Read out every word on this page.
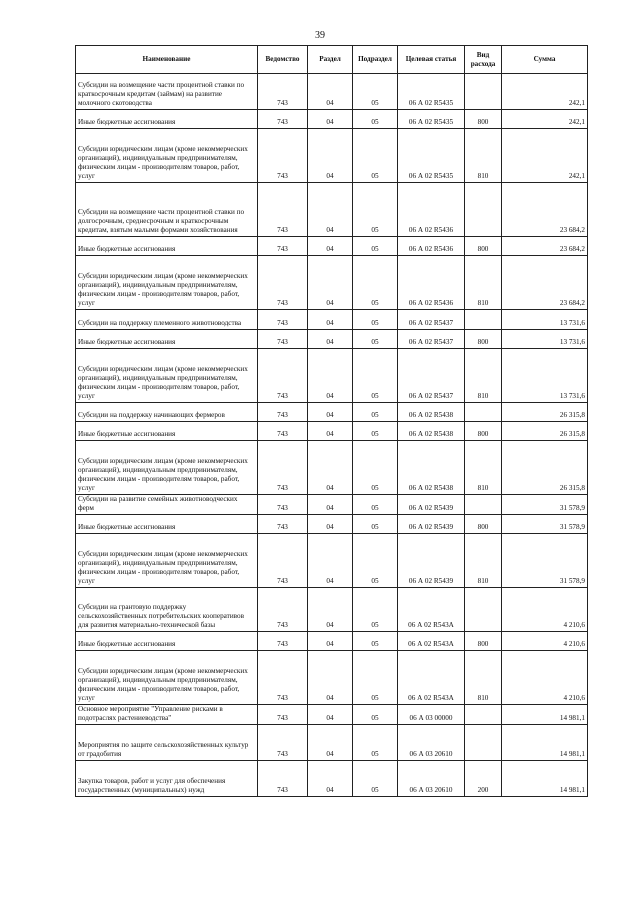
39
Наименование	Ведомство	Раздел	Подраздел	Целевая статья	Вид расхода	Сумма
Субсидии на возмещение части процентной ставки по краткосрочным кредитам (займам) на развитие молочного скотоводства	743	04	05	06 А 02 R5435		242,1
Иные бюджетные ассигнования	743	04	05	06 А 02 R5435	800	242,1
Субсидии юридическим лицам (кроме некоммерческих организаций), индивидуальным предпринимателям, физическим лицам - производителям товаров, работ, услуг	743	04	05	06 А 02 R5435	810	242,1
Субсидии на возмещение части процентной ставки по долгосрочным, среднесрочным и краткосрочным кредитам, взятым малыми формами хозяйствования	743	04	05	06 А 02 R5436		23 684,2
Иные бюджетные ассигнования	743	04	05	06 А 02 R5436	800	23 684,2
Субсидии юридическим лицам (кроме некоммерческих организаций), индивидуальным предпринимателям, физическим лицам - производителям товаров, работ, услуг	743	04	05	06 А 02 R5436	810	23 684,2
Субсидии на поддержку племенного животноводства	743	04	05	06 А 02 R5437		13 731,6
Иные бюджетные ассигнования	743	04	05	06 А 02 R5437	800	13 731,6
Субсидии юридическим лицам (кроме некоммерческих организаций), индивидуальным предпринимателям, физическим лицам - производителям товаров, работ, услуг	743	04	05	06 А 02 R5437	810	13 731,6
Субсидии на поддержку начинающих фермеров	743	04	05	06 А 02 R5438		26 315,8
Иные бюджетные ассигнования	743	04	05	06 А 02 R5438	800	26 315,8
Субсидии юридическим лицам (кроме некоммерческих организаций), индивидуальным предпринимателям, физическим лицам - производителям товаров, работ, услуг	743	04	05	06 А 02 R5438	810	26 315,8
Субсидии на развитие семейных животноводческих ферм	743	04	05	06 А 02 R5439		31 578,9
Иные бюджетные ассигнования	743	04	05	06 А 02 R5439	800	31 578,9
Субсидии юридическим лицам (кроме некоммерческих организаций), индивидуальным предпринимателям, физическим лицам - производителям товаров, работ, услуг	743	04	05	06 А 02 R5439	810	31 578,9
Субсидии на грантовую поддержку сельскохозяйственных потребительских кооперативов для развития материально-технической базы	743	04	05	06 А 02 R543А		4 210,6
Иные бюджетные ассигнования	743	04	05	06 А 02 R543А	800	4 210,6
Субсидии юридическим лицам (кроме некоммерческих организаций), индивидуальным предпринимателям, физическим лицам - производителям товаров, работ, услуг	743	04	05	06 А 02 R543А	810	4 210,6
Основное мероприятие "Управление рисками в подотраслях растениеводства"	743	04	05	06 А 03 00000		14 981,1
Мероприятия по защите сельскохозяйственных культур от градобития	743	04	05	06 А 03 20610		14 981,1
Закупка товаров, работ и услуг для обеспечения государственных (муниципальных) нужд	743	04	05	06 А 03 20610	200	14 981,1
